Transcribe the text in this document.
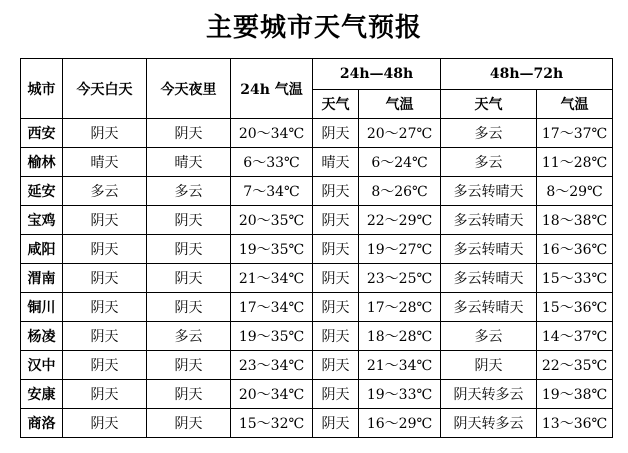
主要城市天气预报
城市	今天白天	今天夜里	24h 气温	24h—48h		48h—72h	
				天气	气温	天气	气温
西安	阴天	阴天	20～34℃	阴天	20～27℃	多云	17～37℃
榆林	晴天	晴天	6～33℃	晴天	6～24℃	多云	11～28℃
延安	多云	多云	7～34℃	阴天	8～26℃	多云转晴天	8～29℃
宝鸡	阴天	阴天	20～35℃	阴天	22～29℃	多云转晴天	18～38℃
咸阳	阴天	阴天	19～35℃	阴天	19～27℃	多云转晴天	16～36℃
渭南	阴天	阴天	21～34℃	阴天	23～25℃	多云转晴天	15～33℃
铜川	阴天	阴天	17～34℃	阴天	17～28℃	多云转晴天	15～36℃
杨凌	阴天	多云	19～35℃	阴天	18～28℃	多云	14～37℃
汉中	阴天	阴天	23～34℃	阴天	21～34℃	阴天	22～35℃
安康	阴天	阴天	20～34℃	阴天	19～33℃	阴天转多云	19～38℃
商洛	阴天	阴天	15～32℃	阴天	16～29℃	阴天转多云	13～36℃
